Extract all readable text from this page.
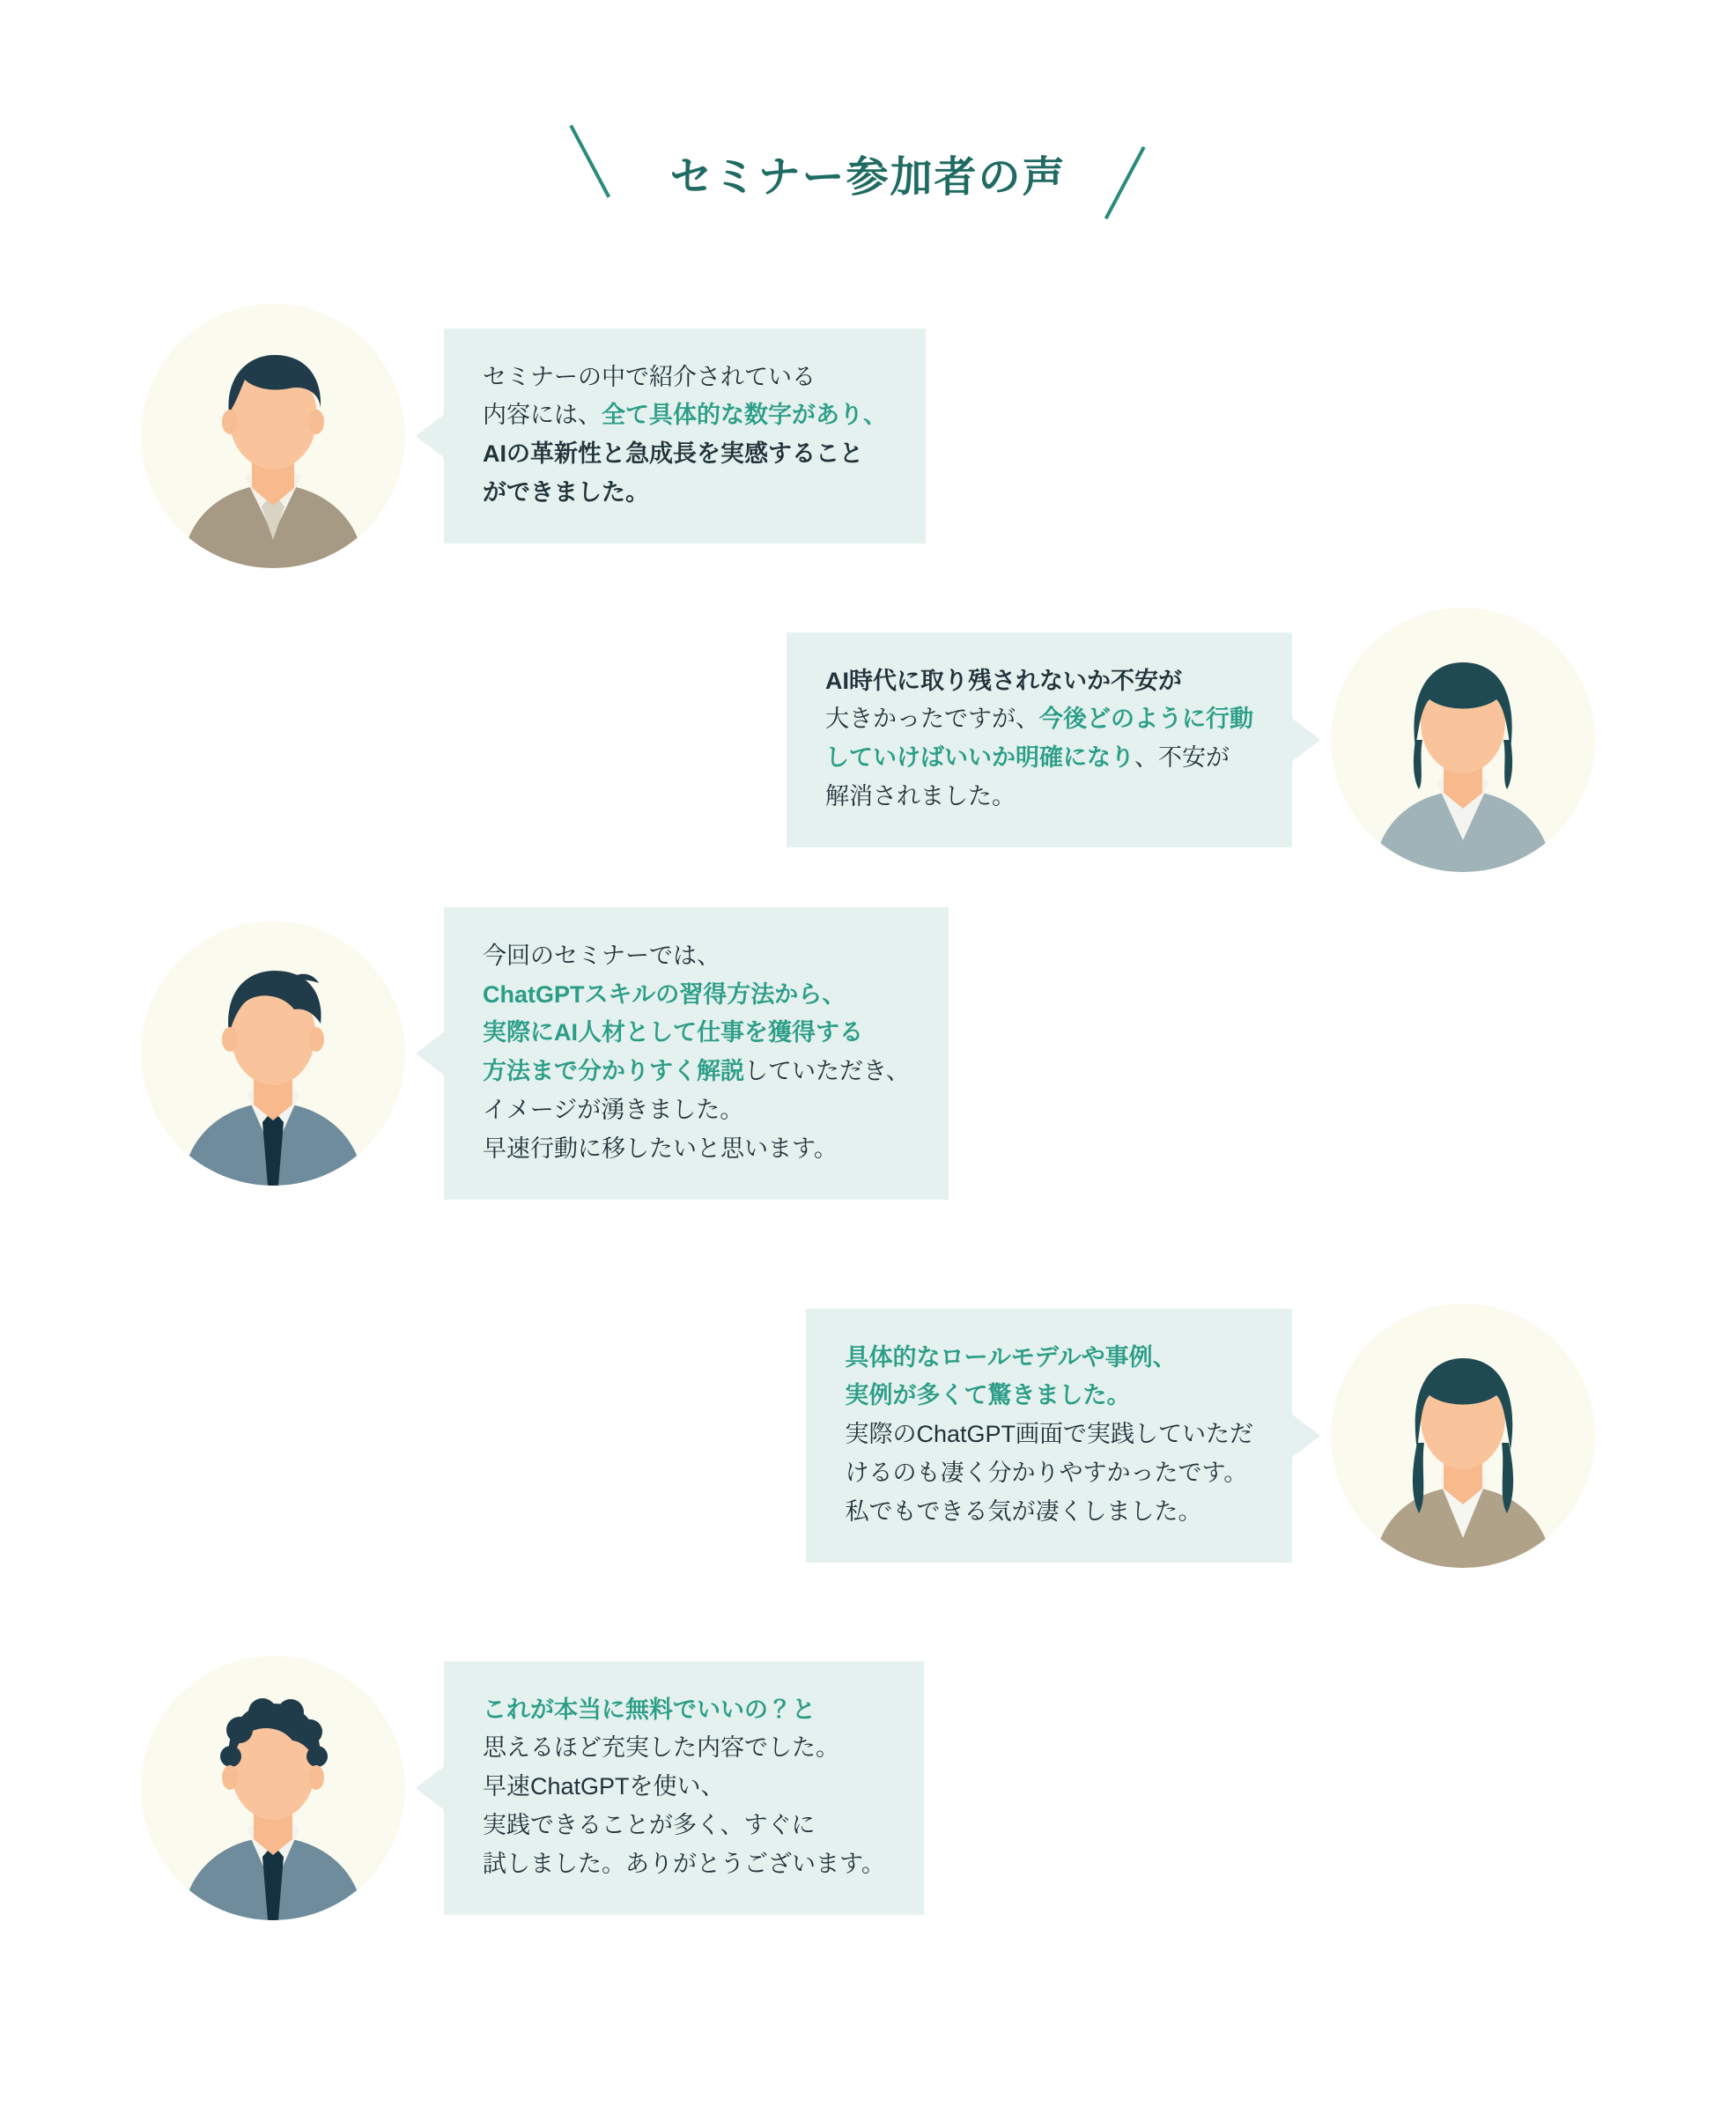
セミナー参加者の声
セミナーの中で紹介されている
内容には、全て具体的な数字があり、
AIの革新性と急成長を実感すること
ができました。
AI時代に取り残されないか不安が
大きかったですが、今後どのように行動
していけばいいか明確になり、不安が
解消されました。
今回のセミナーでは、
ChatGPTスキルの習得方法から、
実際にAI人材として仕事を獲得する
方法まで分かりすく解説していただき、
イメージが湧きました。
早速行動に移したいと思います。
具体的なロールモデルや事例、
実例が多くて驚きました。
実際のChatGPT画面で実践していただ
けるのも凄く分かりやすかったです。
私でもできる気が凄くしました。
これが本当に無料でいいの？と
思えるほど充実した内容でした。
早速ChatGPTを使い、
実践できることが多く、すぐに
試しました。ありがとうございます。
